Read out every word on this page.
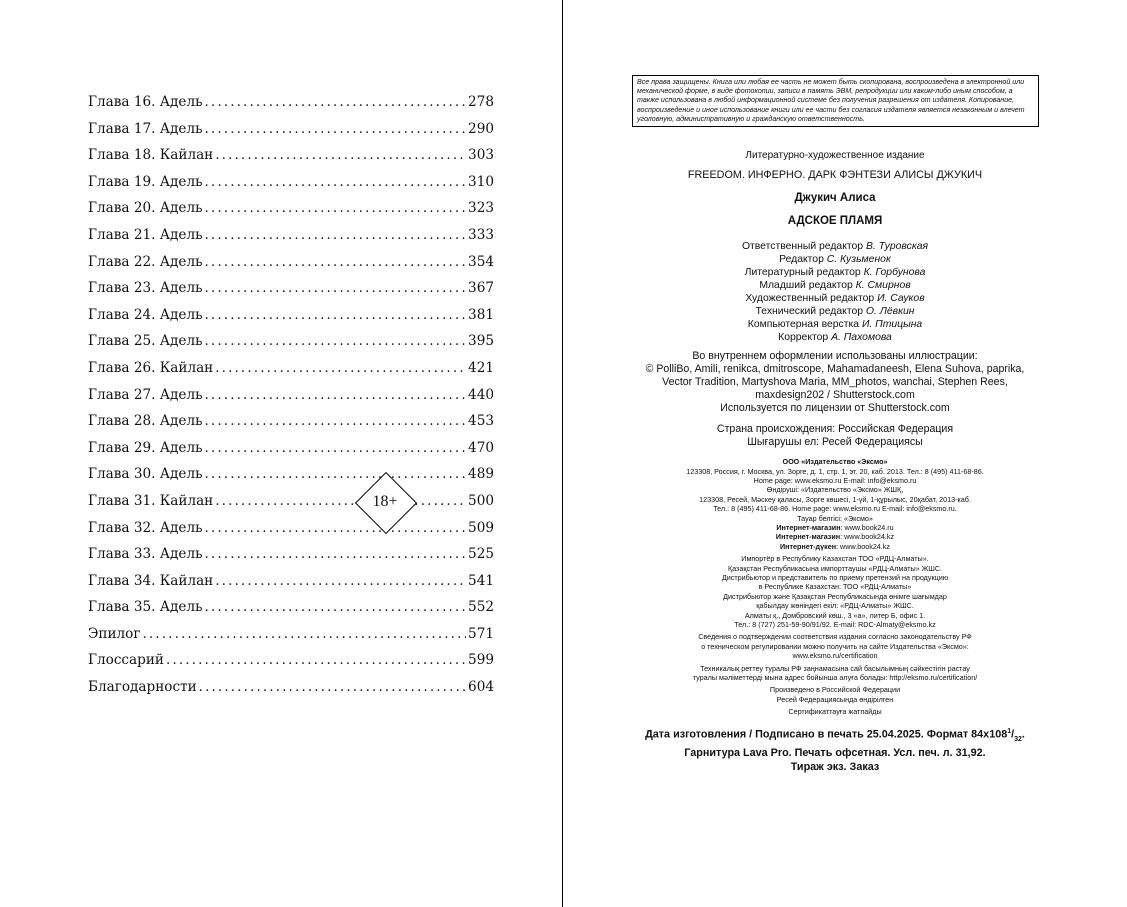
Глава 16. Адель .....	278
Глава 17. Адель .....	290
Глава 18. Кайлан .....	303
Глава 19. Адель .....	310
Глава 20. Адель .....	323
Глава 21. Адель .....	333
Глава 22. Адель .....	354
Глава 23. Адель .....	367
Глава 24. Адель .....	381
Глава 25. Адель .....	395
Глава 26. Кайлан .....	421
Глава 27. Адель .....	440
Глава 28. Адель .....	453
Глава 29. Адель .....	470
Глава 30. Адель .....	489
Глава 31. Кайлан .....	500
Глава 32. Адель .....	509
Глава 33. Адель .....	525
Глава 34. Кайлан .....	541
Глава 35. Адель .....	552
Эпилог .....	571
Глоссарий .....	599
Благодарности .....	604
Все права защищены. Книга или любая ее часть не может быть скопирована, воспроизведена в электронной или механической форме, в виде фотокопии, записи в память ЭВМ, репродукции или каким-либо иным способом, а также использована в любой информационной системе без получения разрешения от издателя. Копирование, воспроизведение и иное использование книги или ее части без согласия издателя является незаконным и влечет уголовную, административную и гражданскую ответственность.
Литературно-художественное издание
FREEDOM. ИНФЕРНО. ДАРК ФЭНТЕЗИ АЛИСЫ ДЖУКИЧ
Джукич Алиса
АДСКОЕ ПЛАМЯ
Ответственный редактор В. Туровская
Редактор С. Кузьменок
Литературный редактор К. Горбунова
Младший редактор К. Смирнов
Художественный редактор И. Сауков
Технический редактор О. Лёвкин
Компьютерная верстка И. Птицына
Корректор А. Пахомова
Во внутреннем оформлении использованы иллюстрации:
© PolliBo, Amili, renikca, dmitroscope, Mahamadaneesh, Elena Suhova, paprika,
Vector Tradition, Martyshova Maria, MM_photos, wanchai, Stephen Rees,
maxdesign202 / Shutterstock.com
Используется по лицензии от Shutterstock.com
Страна происхождения: Российская Федерация
Шығарушы ел: Ресей Федерациясы
ООО «Издательство «Эксмо»
123308, Россия, г. Москва, ул. Зорге, д. 1, стр. 1, эт. 20, каб. 2013. Тел.: 8 (495) 411-68-86.
Home page: www.eksmo.ru E-mail: info@eksmo.ru
Өндіруші: «Издательство «Эксмо» ЖШҚ,
123308, Ресей, Мәскеу қаласы, Зорге көшесі, 1-үй, 1-құрылыс, 20қабат, 2013-каб.
Тел.: 8 (495) 411-68-86. Home page: www.eksmo.ru E-mail: info@eksmo.ru.
Тауар белгісі: «Эксмо»
Интернет-магазин: www.book24.ru
Интернет-магазин: www.book24.kz
Интернет-дүкен: www.book24.kz
Импортёр в Республику Казахстан ТОО «РДЦ-Алматы».
Қазақстан Республикасына импорттаушы «РДЦ-Алматы» ЖШС.
Дистрибьютор и представитель по приему претензий на продукцию
в Республике Казахстан: ТОО «РДЦ-Алматы»
Дистрибьютор және Қазақстан Республикасында өнімге шағымдар
қабылдау жөніндегі екіл: «РДЦ-Алматы» ЖШС.
Алматы қ., Домбровский көш., 3 «а», литер Б, офис 1.
Тел.: 8 (727) 251-59-90/91/92. E-mail: RDC-Almaty@eksmo.kz
Сведения о подтверждении соответствия издания согласно законодательству РФ
о техническом регулировании можно получить на сайте Издательства «Эксмо»:
www.eksmo.ru/certification
Техникалық реттеу туралы РФ заңнамасына сай басылымның сәйкестігін растау
туралы мәліметтерді мына адрес бойынша алуға болады: http://eksmo.ru/certification/
Произведено в Российской Федерации
Ресей Федерациясында өндірілген
Сертификаттауға жатпайды
Дата изготовления / Подписано в печать 25.04.2025. Формат $84x108^1/_{32}$.
Гарнитура Lava Pro. Печать офсетная. Усл. печ. л. 31,92.
Тираж экз. Заказ
18+
